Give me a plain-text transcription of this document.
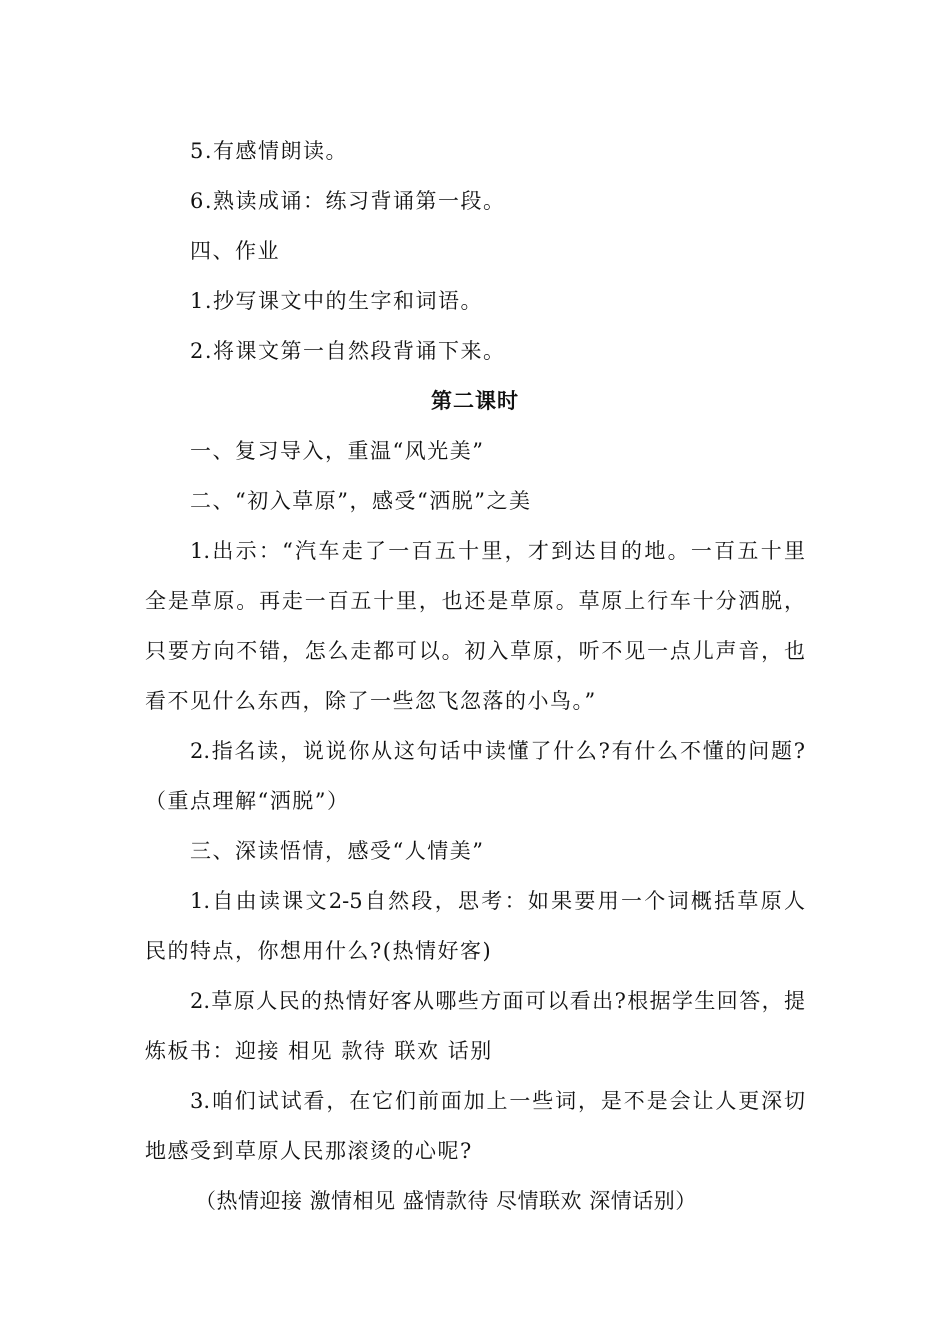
5.有感情朗读。
6.熟读成诵：练习背诵第一段。
四、作业
1.抄写课文中的生字和词语。
2.将课文第一自然段背诵下来。
第二课时
一、复习导入，重温“风光美”
二、“初入草原”，感受“洒脱”之美
1.出示：“汽车走了一百五十里，才到达目的地。一百五十里
全是草原。再走一百五十里，也还是草原。草原上行车十分洒脱，
只要方向不错，怎么走都可以。初入草原，听不见一点儿声音，也
看不见什么东西，除了一些忽飞忽落的小鸟。”
2.指名读，说说你从这句话中读懂了什么?有什么不懂的问题?
（重点理解“洒脱”）
三、深读悟情，感受“人情美”
1.自由读课文2-5自然段，思考：如果要用一个词概括草原人
民的特点，你想用什么?(热情好客)
2.草原人民的热情好客从哪些方面可以看出?根据学生回答，提
炼板书：迎接 相见 款待 联欢 话别
3.咱们试试看，在它们前面加上一些词，是不是会让人更深切
地感受到草原人民那滚烫的心呢?
（热情迎接 激情相见 盛情款待 尽情联欢 深情话别）
